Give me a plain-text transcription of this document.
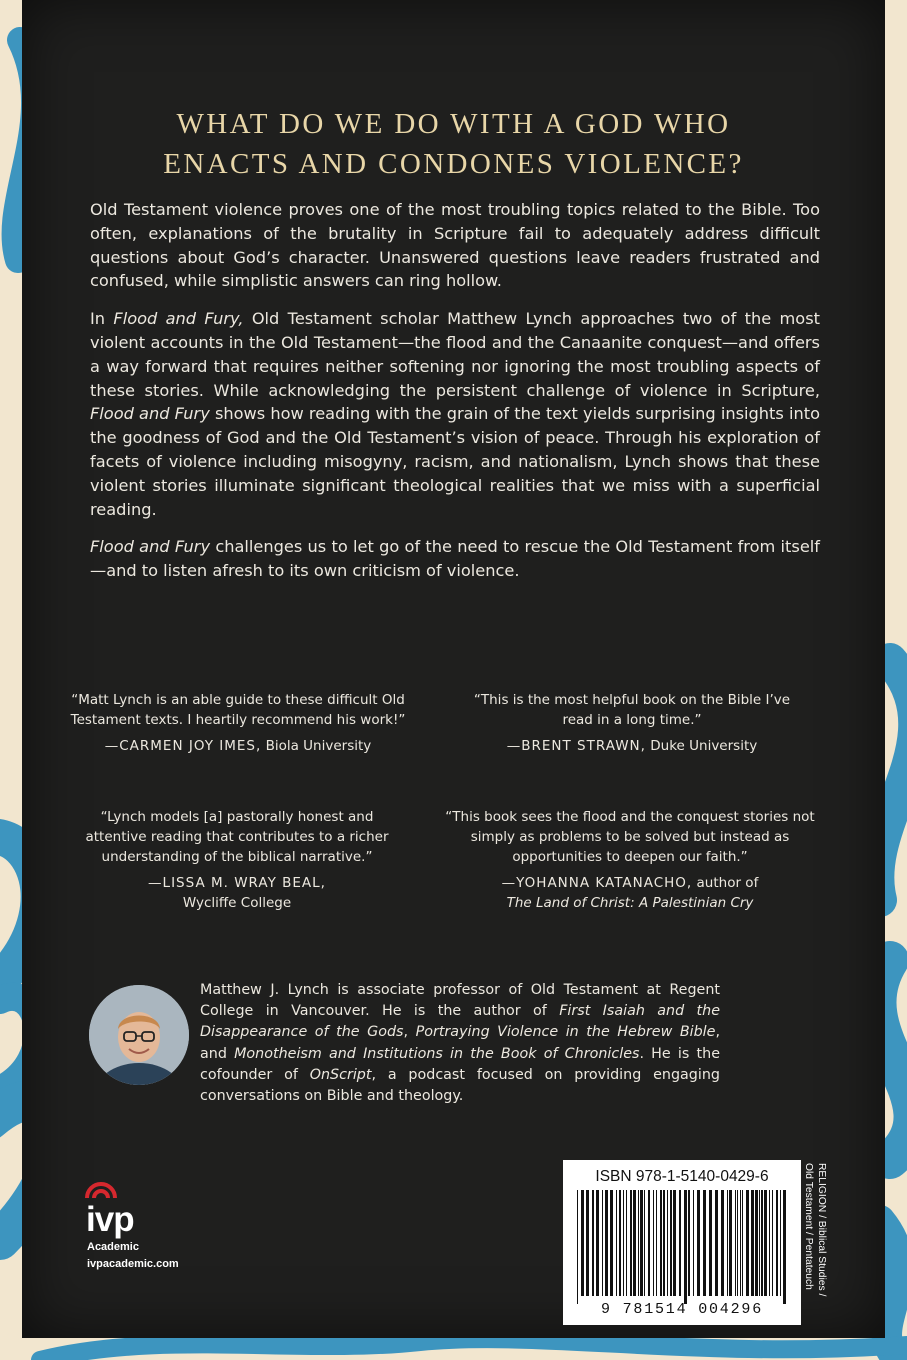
WHAT DO WE DO WITH A GOD WHO
ENACTS AND CONDONES VIOLENCE?

Old Testament violence proves one of the most troubling topics related to the Bible. Too often, explanations of the brutality in Scripture fail to adequately address difficult questions about God’s character. Unanswered questions leave readers frustrated and confused, while simplistic answers can ring hollow.

In Flood and Fury, Old Testament scholar Matthew Lynch approaches two of the most violent accounts in the Old Testament—the flood and the Canaanite conquest—and offers a way forward that requires neither softening nor ignoring the most troubling aspects of these stories. While acknowledging the persistent challenge of violence in Scripture, Flood and Fury shows how reading with the grain of the text yields surprising insights into the goodness of God and the Old Testament’s vision of peace. Through his exploration of facets of violence including misogyny, racism, and nationalism, Lynch shows that these violent stories illuminate significant theological realities that we miss with a superficial reading.

Flood and Fury challenges us to let go of the need to rescue the Old Testament from itself—and to listen afresh to its own criticism of violence.

“Matt Lynch is an able guide to these difficult Old Testament texts. I heartily recommend his work!”
—CARMEN JOY IMES, Biola University
“This is the most helpful book on the Bible I’ve read in a long time.”
—BRENT STRAWN, Duke University
“Lynch models [a] pastorally honest and attentive reading that contributes to a richer understanding of the biblical narrative.”
—LISSA M. WRAY BEAL,
Wycliffe College
“This book sees the flood and the conquest stories not simply as problems to be solved but instead as opportunities to deepen our faith.”
—YOHANNA KATANACHO, author of
The Land of Christ: A Palestinian Cry
Matthew J. Lynch is associate professor of Old Testament at Regent College in Vancouver. He is the author of First Isaiah and the Disappearance of the Gods, Portraying Violence in the Hebrew Bible, and Monotheism and Institutions in the Book of Chronicles. He is the cofounder of OnScript, a podcast focused on providing engaging conversations on Bible and theology.
ivp
Academic
ivpacademic.com
ISBN 978-1-5140-0429-6
9 781514 004296
RELIGION / Biblical Studies /
Old Testament / Pentateuch
